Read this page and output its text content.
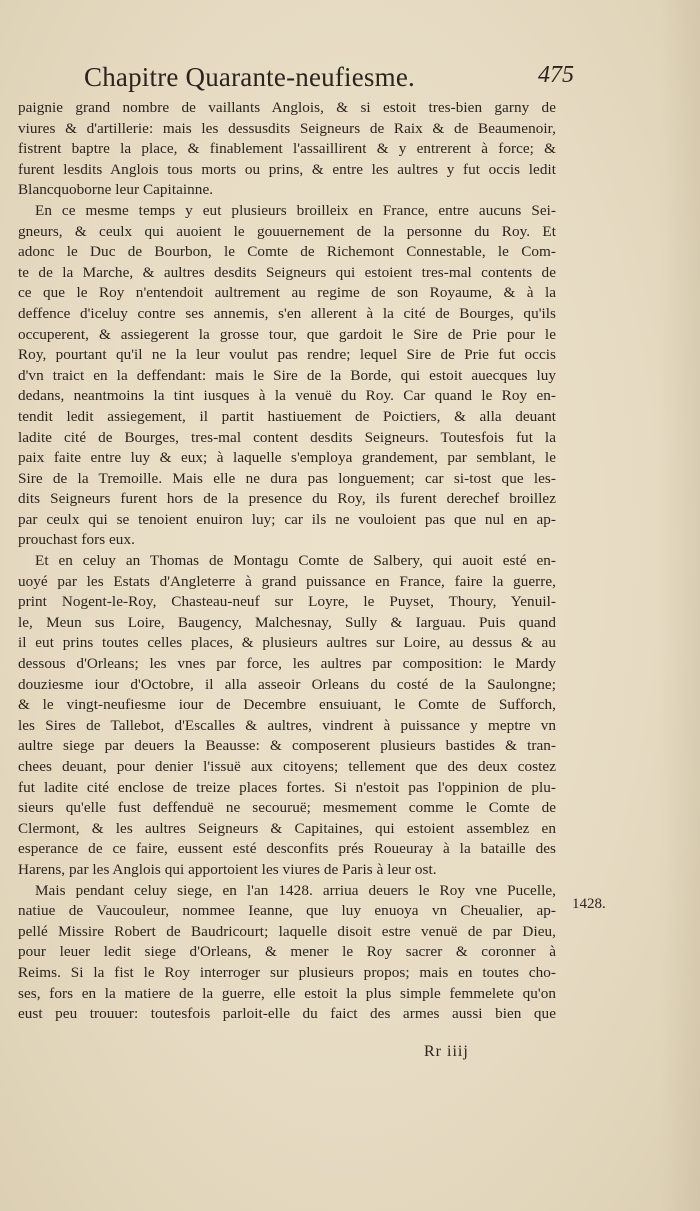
Chapitre Quarante-neufiesme.	475
paignie grand nombre de vaillants Anglois, & si estoit tres-bien garny de
viures & d'artillerie: mais les dessusdits Seigneurs de Raix & de Beaumenoir,
fistrent baptre la place, & finablement l'assaillirent & y entrerent à force; &
furent lesdits Anglois tous morts ou prins, & entre les aultres y fut occis ledit
Blancquoborne leur Capitainne.
En ce mesme temps y eut plusieurs broilleix en France, entre aucuns Sei-
gneurs, & ceulx qui auoient le gouuernement de la personne du Roy. Et
adonc le Duc de Bourbon, le Comte de Richemont Connestable, le Com-
te de la Marche, & aultres desdits Seigneurs qui estoient tres-mal contents de
ce que le Roy n'entendoit aultrement au regime de son Royaume, & à la
deffence d'iceluy contre ses annemis, s'en allerent à la cité de Bourges, qu'ils
occuperent, & assiegerent la grosse tour, que gardoit le Sire de Prie pour le
Roy, pourtant qu'il ne la leur voulut pas rendre; lequel Sire de Prie fut occis
d'vn traict en la deffendant: mais le Sire de la Borde, qui estoit auecques luy
dedans, neantmoins la tint iusques à la venuë du Roy. Car quand le Roy en-
tendit ledit assiegement, il partit hastiuement de Poictiers, & alla deuant
ladite cité de Bourges, tres-mal content desdits Seigneurs. Toutesfois fut la
paix faite entre luy & eux; à laquelle s'employa grandement, par semblant, le
Sire de la Tremoille. Mais elle ne dura pas longuement; car si-tost que les-
dits Seigneurs furent hors de la presence du Roy, ils furent derechef broillez
par ceulx qui se tenoient enuiron luy; car ils ne vouloient pas que nul en ap-
prouchast fors eux.
Et en celuy an Thomas de Montagu Comte de Salbery, qui auoit esté en-
uoyé par les Estats d'Angleterre à grand puissance en France, faire la guerre,
print Nogent-le-Roy, Chasteau-neuf sur Loyre, le Puyset, Thoury, Yenuil-
le, Meun sus Loire, Baugency, Malchesnay, Sully & Iarguau. Puis quand
il eut prins toutes celles places, & plusieurs aultres sur Loire, au dessus & au
dessous d'Orleans; les vnes par force, les aultres par composition: le Mardy
douziesme iour d'Octobre, il alla asseoir Orleans du costé de la Saulongne;
& le vingt-neufiesme iour de Decembre ensuiuant, le Comte de Sufforch,
les Sires de Tallebot, d'Escalles & aultres, vindrent à puissance y meptre vn
aultre siege par deuers la Beausse: & composerent plusieurs bastides & tran-
chees deuant, pour denier l'issuë aux citoyens; tellement que des deux costez
fut ladite cité enclose de treize places fortes. Si n'estoit pas l'oppinion de plu-
sieurs qu'elle fust deffenduë ne secouruë; mesmement comme le Comte de
Clermont, & les aultres Seigneurs & Capitaines, qui estoient assemblez en
esperance de ce faire, eussent esté desconfits prés Roueuray à la bataille des
Harens, par les Anglois qui apportoient les viures de Paris à leur ost.
Mais pendant celuy siege, en l'an 1428. arriua deuers le Roy vne Pucelle,
natiue de Vaucouleur, nommee Ieanne, que luy enuoya vn Cheualier, ap-
pellé Missire Robert de Baudricourt; laquelle disoit estre venuë de par Dieu,
pour leuer ledit siege d'Orleans, & mener le Roy sacrer & coronner à
Reims. Si la fist le Roy interroger sur plusieurs propos; mais en toutes cho-
ses, fors en la matiere de la guerre, elle estoit la plus simple femmelete qu'on
eust peu trouuer: toutesfois parloit-elle du faict des armes aussi bien que
1428.
Rr iiij
